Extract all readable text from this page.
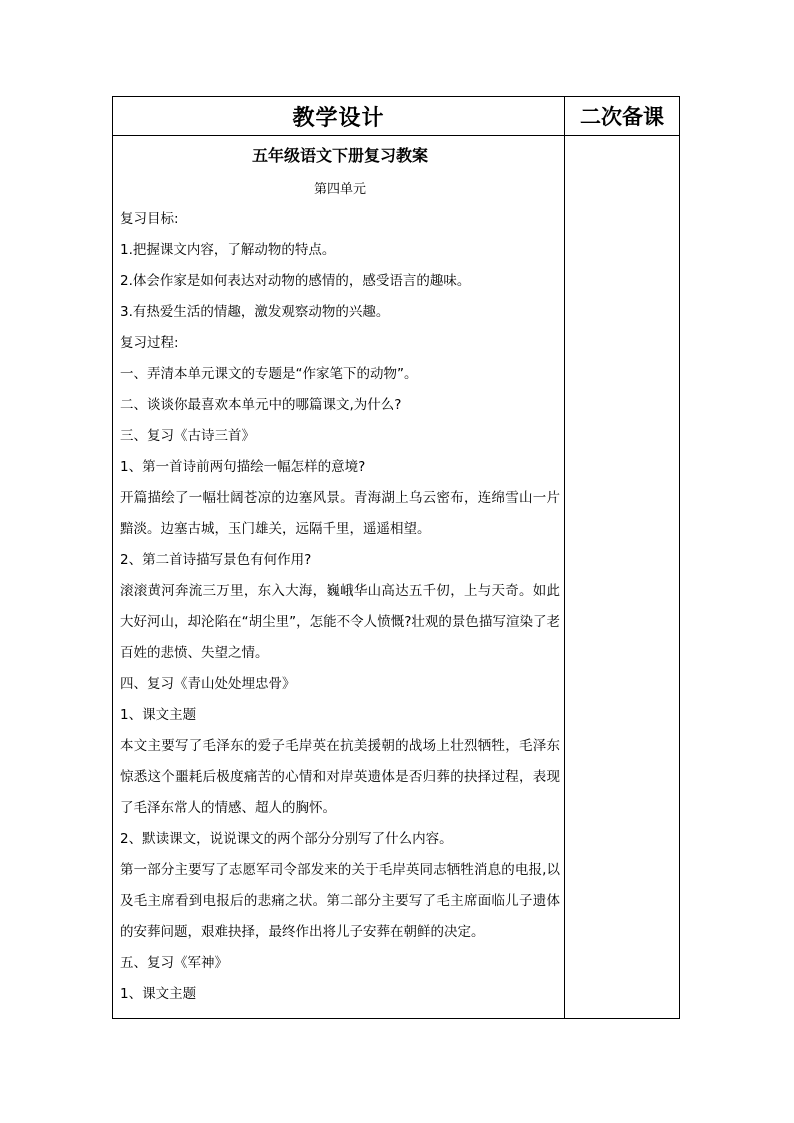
教学设计	二次备课

五年级语文下册复习教案

第四单元

复习目标:

1.把握课文内容，了解动物的特点。

2.体会作家是如何表达对动物的感情的，感受语言的趣味。

3.有热爱生活的情趣，激发观察动物的兴趣。

复习过程:

一、弄清本单元课文的专题是“作家笔下的动物”。

二、谈谈你最喜欢本单元中的哪篇课文,为什么?

三、复习《古诗三首》

1、第一首诗前两句描绘一幅怎样的意境?

开篇描绘了一幅壮阔苍凉的边塞风景。青海湖上乌云密布，连绵雪山一片黯淡。边塞古城，玉门雄关，远隔千里，遥遥相望。

2、第二首诗描写景色有何作用?

滚滚黄河奔流三万里，东入大海，巍峨华山高达五千仞，上与天奇。如此大好河山，却沦陷在“胡尘里”，怎能不令人愤慨?壮观的景色描写渲染了老百姓的悲愤、失望之情。

四、复习《青山处处埋忠骨》

1、课文主题

本文主要写了毛泽东的爱子毛岸英在抗美援朝的战场上壮烈牺牲，毛泽东惊悉这个噩耗后极度痛苦的心情和对岸英遗体是否归葬的抉择过程，表现了毛泽东常人的情感、超人的胸怀。

2、默读课文，说说课文的两个部分分别写了什么内容。

第一部分主要写了志愿军司令部发来的关于毛岸英同志牺牲消息的电报,以及毛主席看到电报后的悲痛之状。第二部分主要写了毛主席面临儿子遗体的安葬问题，艰难抉择，最终作出将儿子安葬在朝鲜的决定。

五、复习《军神》

1、课文主题
